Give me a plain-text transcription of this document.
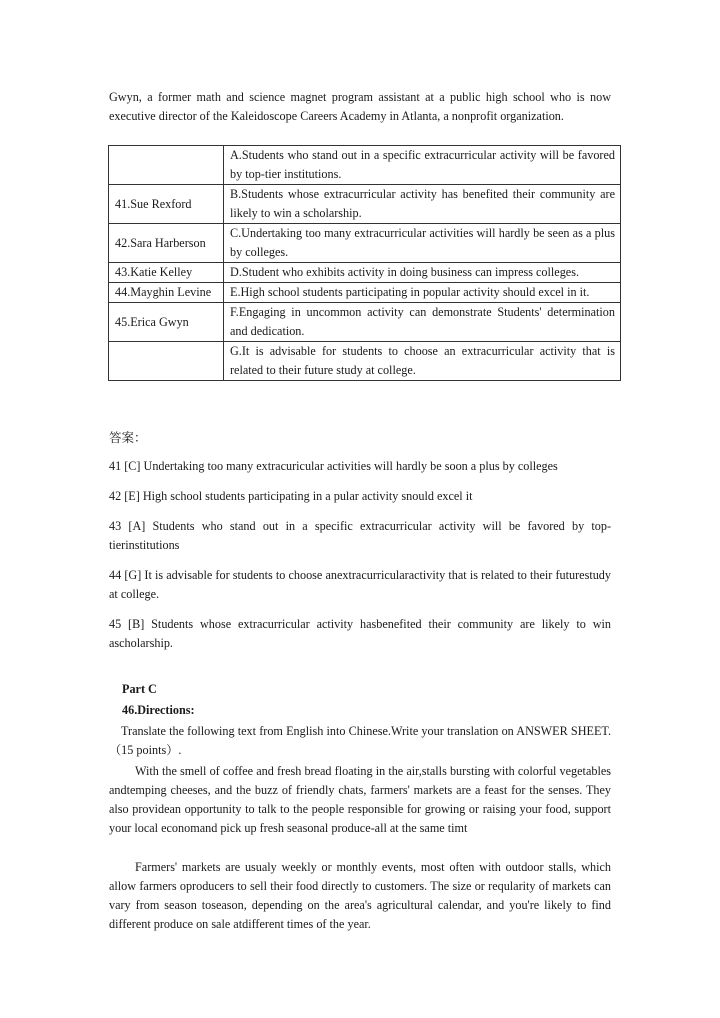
Gwyn, a former math and science magnet program assistant at a public high school who is now executive director of the Kaleidoscope Careers Academy in Atlanta, a nonprofit organization.
	A.Students who stand out in a specific extracurricular activity will be favored by top-tier institutions.
41.Sue Rexford	B.Students whose extracurricular activity has benefited their community are likely to win a scholarship.
42.Sara Harberson	C.Undertaking too many extracurricular activities will hardly be seen as a plus by colleges.
43.Katie Kelley	D.Student who exhibits activity in doing business can impress colleges.
44.Mayghin Levine	E.High school students participating in popular activity should excel in it.
45.Erica Gwyn	F.Engaging in uncommon activity can demonstrate Students' determination and dedication.
	G.It is advisable for students to choose an extracurricular activity that is related to their future study at college.
答案：
41 [C] Undertaking too many extracuricular activities will hardly be soon a plus by colleges
42 [E] High school students participating in a pular activity snould excel it
43 [A] Students who stand out in a specific extracurricular activity will be favored by top-tierinstitutions
44 [G] It is advisable for students to choose anextracurricularactivity that is related to their futurestudy at college.
45 [B] Students whose extracurricular activity hasbenefited their community are likely to win ascholarship.
Part C
46.Directions:
Translate the following text from English into Chinese.Write your translation on ANSWER SHEET.（15 points）.
With the smell of coffee and fresh bread floating in the air,stalls bursting with colorful vegetables andtemping cheeses, and the buzz of friendly chats, farmers' markets are a feast for the senses. They also providean opportunity to talk to the people responsible for growing or raising your food, support your local economand pick up fresh seasonal produce-all at the same timt
Farmers' markets are usualy weekly or monthly events, most often with outdoor stalls, which allow farmers oproducers to sell their food directly to customers. The size or reqularity of markets can vary from season toseason, depending on the area's agricultural calendar, and you're likely to find different produce on sale atdifferent times of the year.
